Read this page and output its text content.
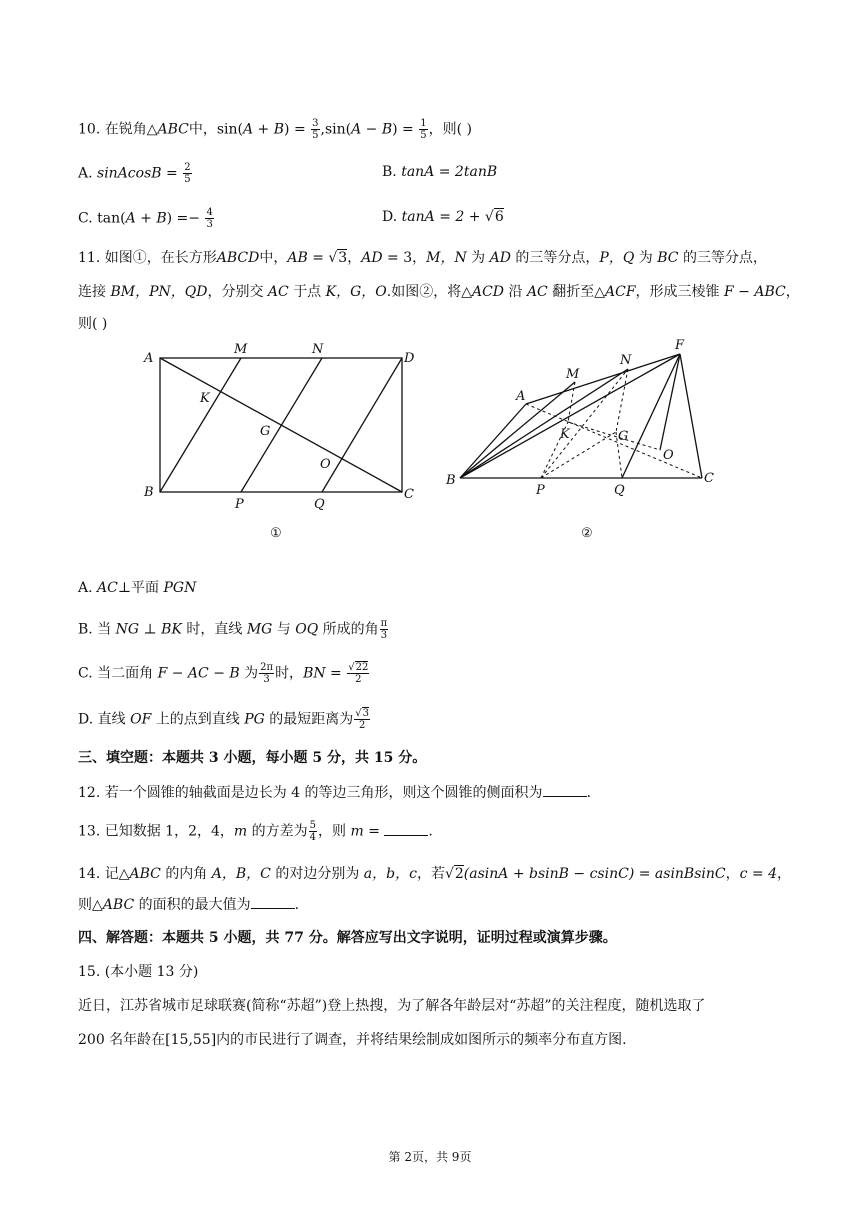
10. 在锐角△ABC中，$\sin(A + B) = \frac{3}{5} ,\sin(A - B) = \frac{1}{5}$ ，则( )
A. sinAcosB = $\frac{2}{5}$	B. tanA = 2tanB
C. $\tan(A + B) =- \frac{4}{3}$	D. tanA = 2 + √6
11. 如图①，在长方形ABCD中，AB = √3，AD = 3，M，N 为 AD 的三等分点，P，Q 为 BC 的三等分点，
连接 BM，PN，QD，分别交 AC 于点 K，G，O.如图②，将△ACD 沿 AC 翻折至△ACF，形成三棱锥 F − ABC，
则( )
A
M	N
D
K
G
O
B
P	Q
C
①
F
N
M
A
K	G
O
B
P	Q
C
②
A. AC⊥平面 PGN
B. 当 NG ⊥ BK 时，直线 MG 与 OQ 所成的角 $\frac{\pi}{3}$
C. 当二面角 F − AC − B 为 $\frac{2\pi}{3}$ 时，BN = $\frac{√22}{2}$
D. 直线 OF 上的点到直线 PG 的最短距离为 $\frac{√3}{2}$
三、填空题：本题共 3 小题，每小题 5 分，共 15 分。
12. 若一个圆锥的轴截面是边长为 4 的等边三角形，则这个圆锥的侧面积为	.
13. 已知数据 1，2，4，m 的方差为 $\frac{5}{4}$ ，则 m =	.
14. 记△ABC 的内角 A，B，C 的对边分别为 a，b，c，若√2(asinA + bsinB − csinC) = asinBsinC，c = 4，
则△ABC 的面积的最大值为	.
四、解答题：本题共 5 小题，共 77 分。解答应写出文字说明，证明过程或演算步骤。
15. (本小题 13 分)
近日，江苏省城市足球联赛(简称“苏超”)登上热搜，为了解各年龄层对“苏超”的关注程度，随机选取了
200 名年龄在[15,55]内的市民进行了调查，并将结果绘制成如图所示的频率分布直方图.
第 2页，共 9页
